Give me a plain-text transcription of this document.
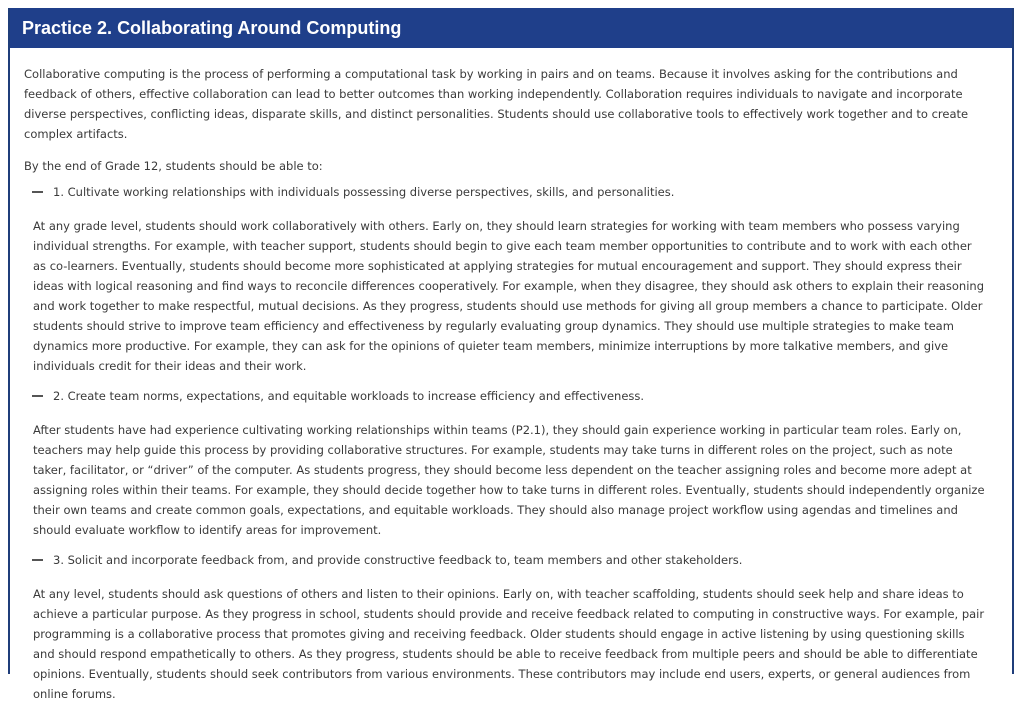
Practice 2. Collaborating Around Computing

Collaborative computing is the process of performing a computational task by working in pairs and on teams. Because it involves asking for the contributions and feedback of others, effective collaboration can lead to better outcomes than working independently. Collaboration requires individuals to navigate and incorporate diverse perspectives, conflicting ideas, disparate skills, and distinct personalities. Students should use collaborative tools to effectively work together and to create complex artifacts.

By the end of Grade 12, students should be able to:

1. Cultivate working relationships with individuals possessing diverse perspectives, skills, and personalities.

At any grade level, students should work collaboratively with others. Early on, they should learn strategies for working with team members who possess varying individual strengths. For example, with teacher support, students should begin to give each team member opportunities to contribute and to work with each other as co-learners. Eventually, students should become more sophisticated at applying strategies for mutual encouragement and support. They should express their ideas with logical reasoning and find ways to reconcile differences cooperatively. For example, when they disagree, they should ask others to explain their reasoning and work together to make respectful, mutual decisions. As they progress, students should use methods for giving all group members a chance to participate. Older students should strive to improve team efficiency and effectiveness by regularly evaluating group dynamics. They should use multiple strategies to make team dynamics more productive. For example, they can ask for the opinions of quieter team members, minimize interruptions by more talkative members, and give individuals credit for their ideas and their work.

2. Create team norms, expectations, and equitable workloads to increase efficiency and effectiveness.

After students have had experience cultivating working relationships within teams (P2.1), they should gain experience working in particular team roles. Early on, teachers may help guide this process by providing collaborative structures. For example, students may take turns in different roles on the project, such as note taker, facilitator, or “driver” of the computer. As students progress, they should become less dependent on the teacher assigning roles and become more adept at assigning roles within their teams. For example, they should decide together how to take turns in different roles. Eventually, students should independently organize their own teams and create common goals, expectations, and equitable workloads. They should also manage project workflow using agendas and timelines and should evaluate workflow to identify areas for improvement.

3. Solicit and incorporate feedback from, and provide constructive feedback to, team members and other stakeholders.

At any level, students should ask questions of others and listen to their opinions. Early on, with teacher scaffolding, students should seek help and share ideas to achieve a particular purpose. As they progress in school, students should provide and receive feedback related to computing in constructive ways. For example, pair programming is a collaborative process that promotes giving and receiving feedback. Older students should engage in active listening by using questioning skills and should respond empathetically to others. As they progress, students should be able to receive feedback from multiple peers and should be able to differentiate opinions. Eventually, students should seek contributors from various environments. These contributors may include end users, experts, or general audiences from online forums.
